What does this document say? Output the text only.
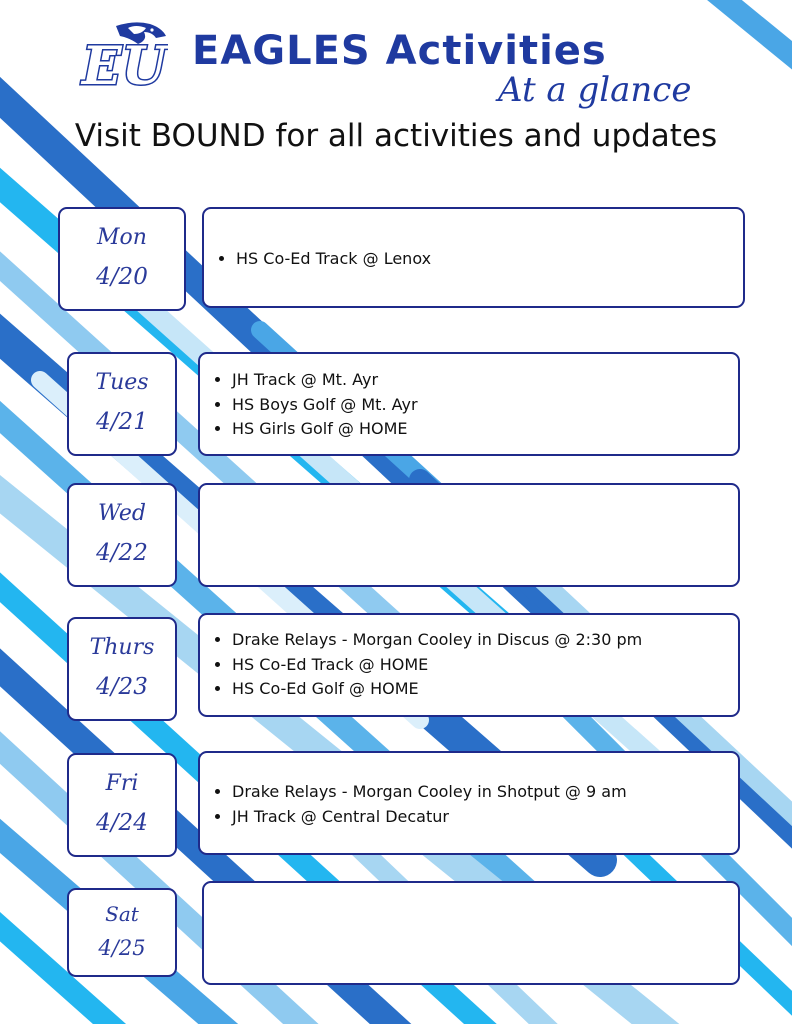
EU EAGLES Activities
At a glance
Visit BOUND for all activities and updates
Mon
4/20
• HS Co-Ed Track @ Lenox
Tues
4/21
• JH Track @ Mt. Ayr
• HS Boys Golf @ Mt. Ayr
• HS Girls Golf @ HOME
Wed
4/22
Thurs
4/23
• Drake Relays - Morgan Cooley in Discus @ 2:30 pm
• HS Co-Ed Track @ HOME
• HS Co-Ed Golf @ HOME
Fri
4/24
• Drake Relays - Morgan Cooley in Shotput @ 9 am
• JH Track @ Central Decatur
Sat
4/25
